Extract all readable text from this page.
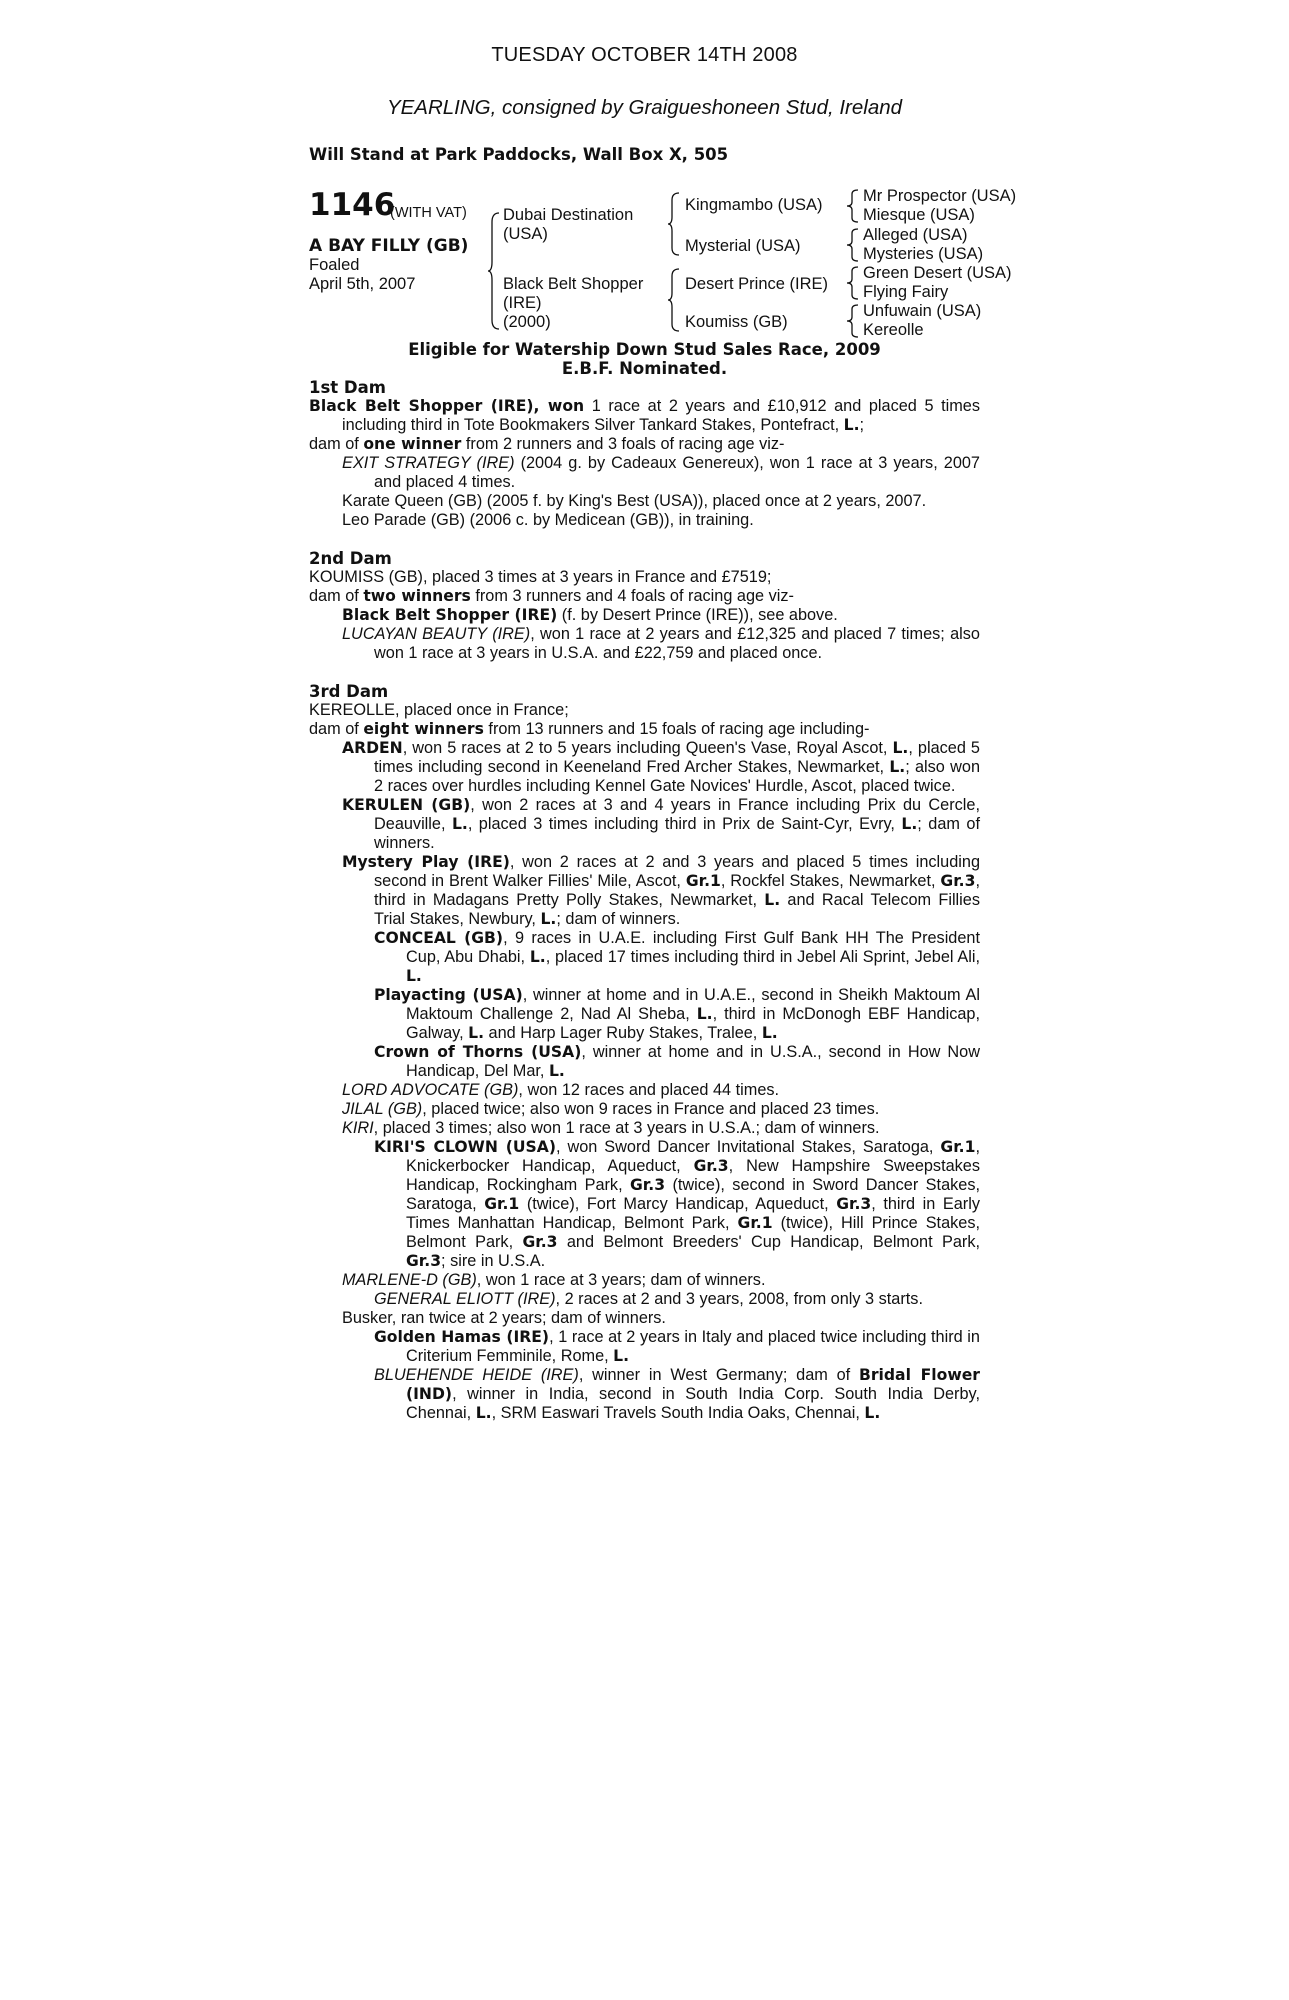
TUESDAY OCTOBER 14TH 2008
YEARLING, consigned by Graigueshoneen Stud, Ireland
Will Stand at Park Paddocks, Wall Box X, 505
1146
(WITH VAT)
A BAY FILLY (GB)
Foaled
April 5th, 2007
Dubai Destination
(USA)
Black Belt Shopper
(IRE)
(2000)
Kingmambo (USA)
Mysterial (USA)
Desert Prince (IRE)
Koumiss (GB)
Mr Prospector (USA)
Miesque (USA)
Alleged (USA)
Mysteries (USA)
Green Desert (USA)
Flying Fairy
Unfuwain (USA)
Kereolle
Eligible for Watership Down Stud Sales Race, 2009
E.B.F. Nominated.

1st Dam

Black Belt Shopper (IRE), won 1 race at 2 years and £10,912 and placed 5 times including third in Tote Bookmakers Silver Tankard Stakes, Pontefract, L.;

dam of one winner from 2 runners and 3 foals of racing age viz-

EXIT STRATEGY (IRE) (2004 g. by Cadeaux Genereux), won 1 race at 3 years, 2007 and placed 4 times.

Karate Queen (GB) (2005 f. by King's Best (USA)), placed once at 2 years, 2007.

Leo Parade (GB) (2006 c. by Medicean (GB)), in training.

2nd Dam

KOUMISS (GB), placed 3 times at 3 years in France and £7519;

dam of two winners from 3 runners and 4 foals of racing age viz-

Black Belt Shopper (IRE) (f. by Desert Prince (IRE)), see above.

LUCAYAN BEAUTY (IRE), won 1 race at 2 years and £12,325 and placed 7 times; also won 1 race at 3 years in U.S.A. and £22,759 and placed once.

3rd Dam

KEREOLLE, placed once in France;

dam of eight winners from 13 runners and 15 foals of racing age including-

ARDEN, won 5 races at 2 to 5 years including Queen's Vase, Royal Ascot, L., placed 5 times including second in Keeneland Fred Archer Stakes, Newmarket, L.; also won 2 races over hurdles including Kennel Gate Novices' Hurdle, Ascot, placed twice.

KERULEN (GB), won 2 races at 3 and 4 years in France including Prix du Cercle, Deauville, L., placed 3 times including third in Prix de Saint-Cyr, Evry, L.; dam of winners.

Mystery Play (IRE), won 2 races at 2 and 3 years and placed 5 times including second in Brent Walker Fillies' Mile, Ascot, Gr.1, Rockfel Stakes, Newmarket, Gr.3, third in Madagans Pretty Polly Stakes, Newmarket, L. and Racal Telecom Fillies Trial Stakes, Newbury, L.; dam of winners.

CONCEAL (GB), 9 races in U.A.E. including First Gulf Bank HH The President Cup, Abu Dhabi, L., placed 17 times including third in Jebel Ali Sprint, Jebel Ali, L.

Playacting (USA), winner at home and in U.A.E., second in Sheikh Maktoum Al Maktoum Challenge 2, Nad Al Sheba, L., third in McDonogh EBF Handicap, Galway, L. and Harp Lager Ruby Stakes, Tralee, L.

Crown of Thorns (USA), winner at home and in U.S.A., second in How Now Handicap, Del Mar, L.

LORD ADVOCATE (GB), won 12 races and placed 44 times.

JILAL (GB), placed twice; also won 9 races in France and placed 23 times.

KIRI, placed 3 times; also won 1 race at 3 years in U.S.A.; dam of winners.

KIRI'S CLOWN (USA), won Sword Dancer Invitational Stakes, Saratoga, Gr.1, Knickerbocker Handicap, Aqueduct, Gr.3, New Hampshire Sweepstakes Handicap, Rockingham Park, Gr.3 (twice), second in Sword Dancer Stakes, Saratoga, Gr.1 (twice), Fort Marcy Handicap, Aqueduct, Gr.3, third in Early Times Manhattan Handicap, Belmont Park, Gr.1 (twice), Hill Prince Stakes, Belmont Park, Gr.3 and Belmont Breeders' Cup Handicap, Belmont Park, Gr.3; sire in U.S.A.

MARLENE-D (GB), won 1 race at 3 years; dam of winners.

GENERAL ELIOTT (IRE), 2 races at 2 and 3 years, 2008, from only 3 starts.

Busker, ran twice at 2 years; dam of winners.

Golden Hamas (IRE), 1 race at 2 years in Italy and placed twice including third in Criterium Femminile, Rome, L.

BLUEHENDE HEIDE (IRE), winner in West Germany; dam of Bridal Flower (IND), winner in India, second in South India Corp. South India Derby, Chennai, L., SRM Easwari Travels South India Oaks, Chennai, L.
